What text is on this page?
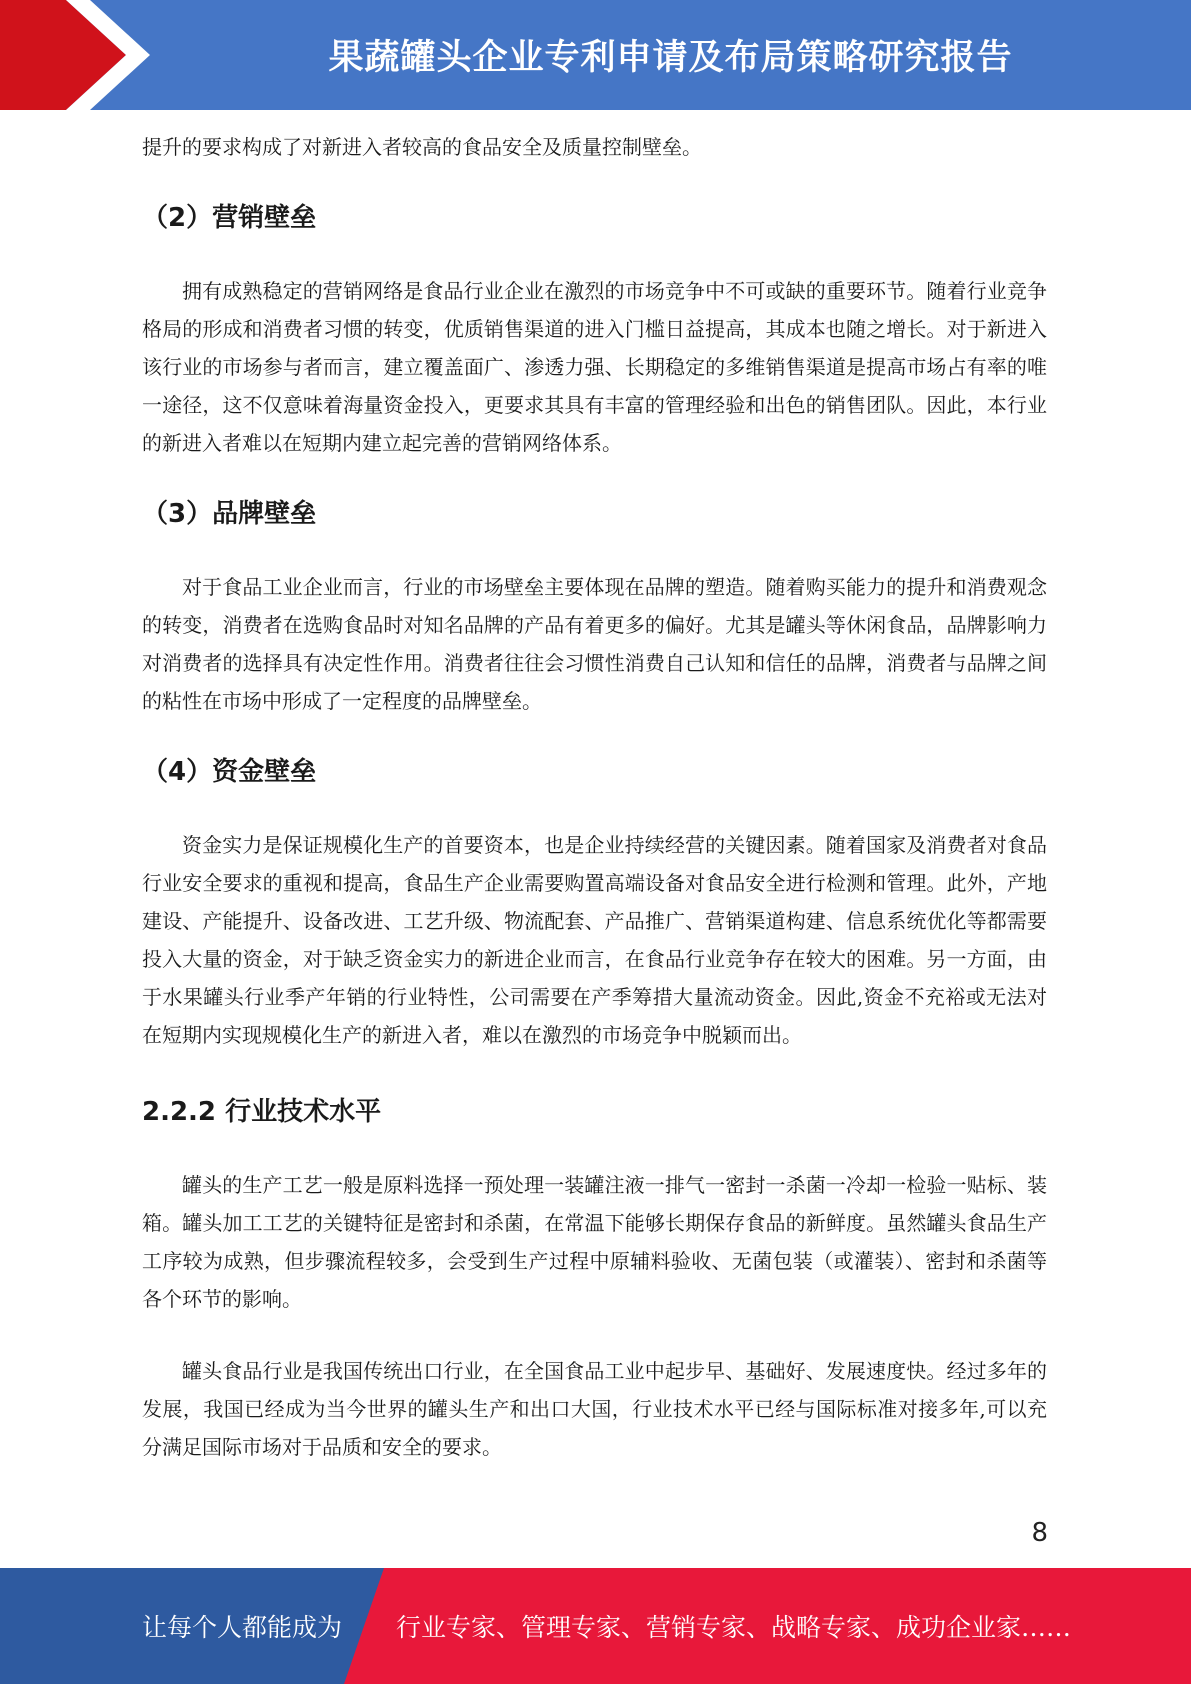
果蔬罐头企业专利申请及布局策略研究报告

提升的要求构成了对新进入者较高的食品安全及质量控制壁垒。

（2）营销壁垒

拥有成熟稳定的营销网络是食品行业企业在激烈的市场竞争中不可或缺的重要环节。随着行业竞争格局的形成和消费者习惯的转变，优质销售渠道的进入门槛日益提高，其成本也随之增长。对于新进入该行业的市场参与者而言，建立覆盖面广、渗透力强、长期稳定的多维销售渠道是提高市场占有率的唯一途径，这不仅意味着海量资金投入，更要求其具有丰富的管理经验和出色的销售团队。因此，本行业的新进入者难以在短期内建立起完善的营销网络体系。

（3）品牌壁垒

对于食品工业企业而言，行业的市场壁垒主要体现在品牌的塑造。随着购买能力的提升和消费观念的转变，消费者在选购食品时对知名品牌的产品有着更多的偏好。尤其是罐头等休闲食品，品牌影响力对消费者的选择具有决定性作用。消费者往往会习惯性消费自己认知和信任的品牌，消费者与品牌之间的粘性在市场中形成了一定程度的品牌壁垒。

（4）资金壁垒

资金实力是保证规模化生产的首要资本，也是企业持续经营的关键因素。随着国家及消费者对食品行业安全要求的重视和提高，食品生产企业需要购置高端设备对食品安全进行检测和管理。此外，产地建设、产能提升、设备改进、工艺升级、物流配套、产品推广、营销渠道构建、信息系统优化等都需要投入大量的资金，对于缺乏资金实力的新进企业而言，在食品行业竞争存在较大的困难。另一方面，由于水果罐头行业季产年销的行业特性，公司需要在产季筹措大量流动资金。因此,资金不充裕或无法对在短期内实现规模化生产的新进入者，难以在激烈的市场竞争中脱颖而出。

2.2.2 行业技术水平

罐头的生产工艺一般是原料选择一预处理一装罐注液一排气一密封一杀菌一冷却一检验一贴标、装箱。罐头加工工艺的关键特征是密封和杀菌，在常温下能够长期保存食品的新鲜度。虽然罐头食品生产工序较为成熟，但步骤流程较多，会受到生产过程中原辅料验收、无菌包装（或灌装）、密封和杀菌等各个环节的影响。

罐头食品行业是我国传统出口行业，在全国食品工业中起步早、基础好、发展速度快。经过多年的发展，我国已经成为当今世界的罐头生产和出口大国，行业技术水平已经与国际标准对接多年,可以充分满足国际市场对于品质和安全的要求。

8
让每个人都能成为 行业专家、管理专家、营销专家、战略专家、成功企业家……
